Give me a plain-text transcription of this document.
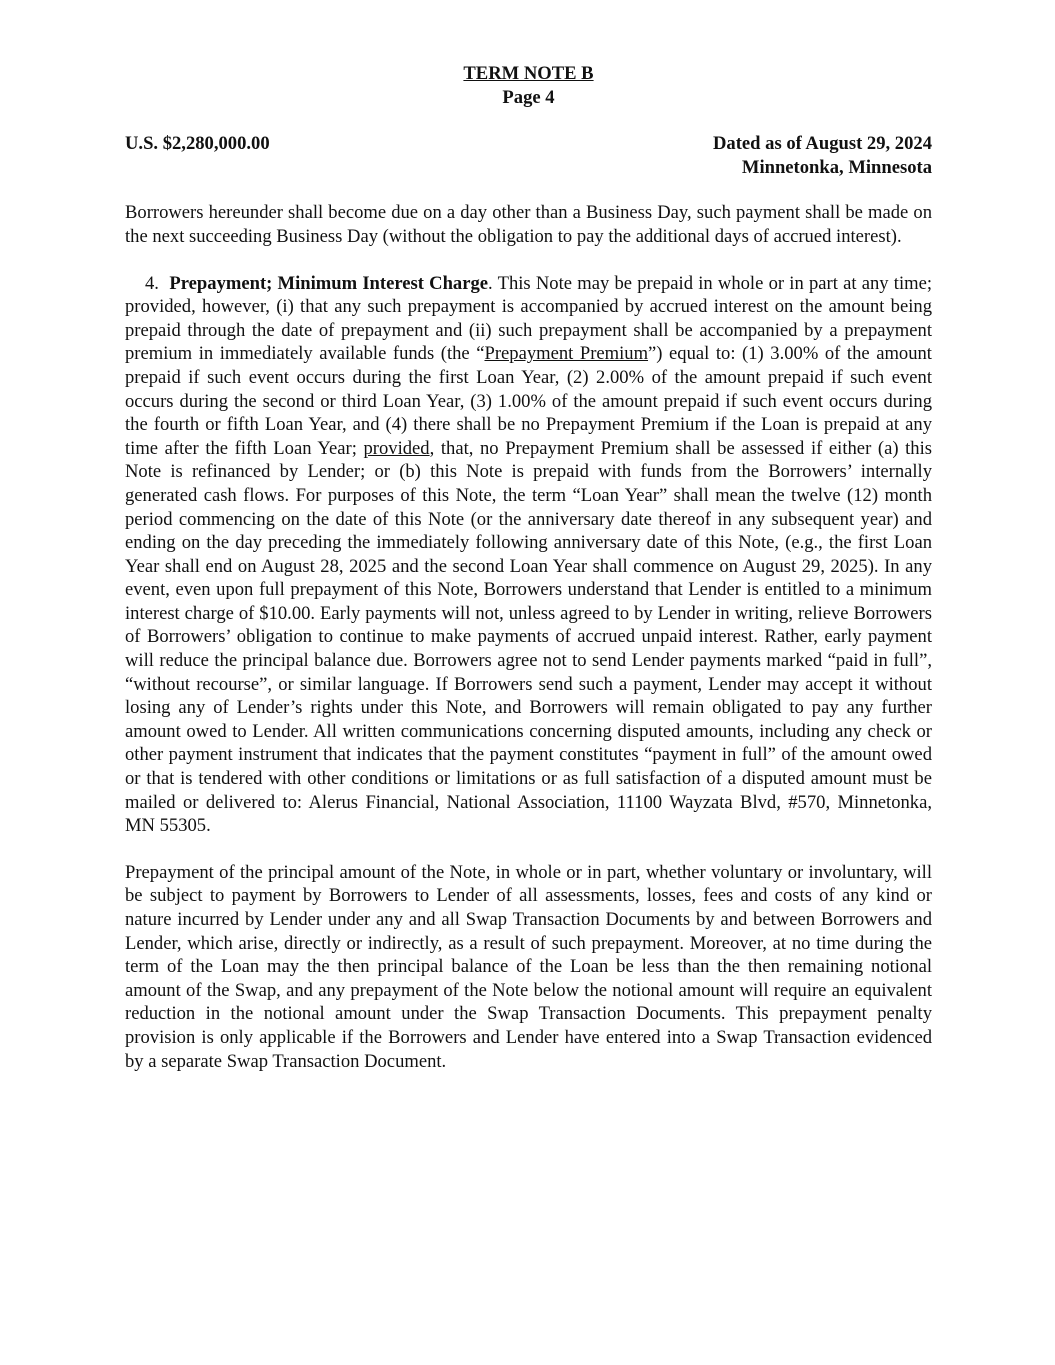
TERM NOTE B
Page 4
U.S. $2,280,000.00	Dated as of August 29, 2024
Minnetonka, Minnesota

Borrowers hereunder shall become due on a day other than a Business Day, such payment shall be made on the next succeeding Business Day (without the obligation to pay the additional days of accrued interest).

4. Prepayment; Minimum Interest Charge. This Note may be prepaid in whole or in part at any time; provided, however, (i) that any such prepayment is accompanied by accrued interest on the amount being prepaid through the date of prepayment and (ii) such prepayment shall be accompanied by a prepayment premium in immediately available funds (the “Prepayment Premium”) equal to: (1) 3.00% of the amount prepaid if such event occurs during the first Loan Year, (2) 2.00% of the amount prepaid if such event occurs during the second or third Loan Year, (3) 1.00% of the amount prepaid if such event occurs during the fourth or fifth Loan Year, and (4) there shall be no Prepayment Premium if the Loan is prepaid at any time after the fifth Loan Year; provided, that, no Prepayment Premium shall be assessed if either (a) this Note is refinanced by Lender; or (b) this Note is prepaid with funds from the Borrowers’ internally generated cash flows. For purposes of this Note, the term “Loan Year” shall mean the twelve (12) month period commencing on the date of this Note (or the anniversary date thereof in any subsequent year) and ending on the day preceding the immediately following anniversary date of this Note, (e.g., the first Loan Year shall end on August 28, 2025 and the second Loan Year shall commence on August 29, 2025). In any event, even upon full prepayment of this Note, Borrowers understand that Lender is entitled to a minimum interest charge of $10.00. Early payments will not, unless agreed to by Lender in writing, relieve Borrowers of Borrowers’ obligation to continue to make payments of accrued unpaid interest. Rather, early payment will reduce the principal balance due. Borrowers agree not to send Lender payments marked “paid in full”, “without recourse”, or similar language. If Borrowers send such a payment, Lender may accept it without losing any of Lender’s rights under this Note, and Borrowers will remain obligated to pay any further amount owed to Lender. All written communications concerning disputed amounts, including any check or other payment instrument that indicates that the payment constitutes “payment in full” of the amount owed or that is tendered with other conditions or limitations or as full satisfaction of a disputed amount must be mailed or delivered to: Alerus Financial, National Association, 11100 Wayzata Blvd, #570, Minnetonka, MN 55305.

Prepayment of the principal amount of the Note, in whole or in part, whether voluntary or involuntary, will be subject to payment by Borrowers to Lender of all assessments, losses, fees and costs of any kind or nature incurred by Lender under any and all Swap Transaction Documents by and between Borrowers and Lender, which arise, directly or indirectly, as a result of such prepayment. Moreover, at no time during the term of the Loan may the then principal balance of the Loan be less than the then remaining notional amount of the Swap, and any prepayment of the Note below the notional amount will require an equivalent reduction in the notional amount under the Swap Transaction Documents. This prepayment penalty provision is only applicable if the Borrowers and Lender have entered into a Swap Transaction evidenced by a separate Swap Transaction Document.
